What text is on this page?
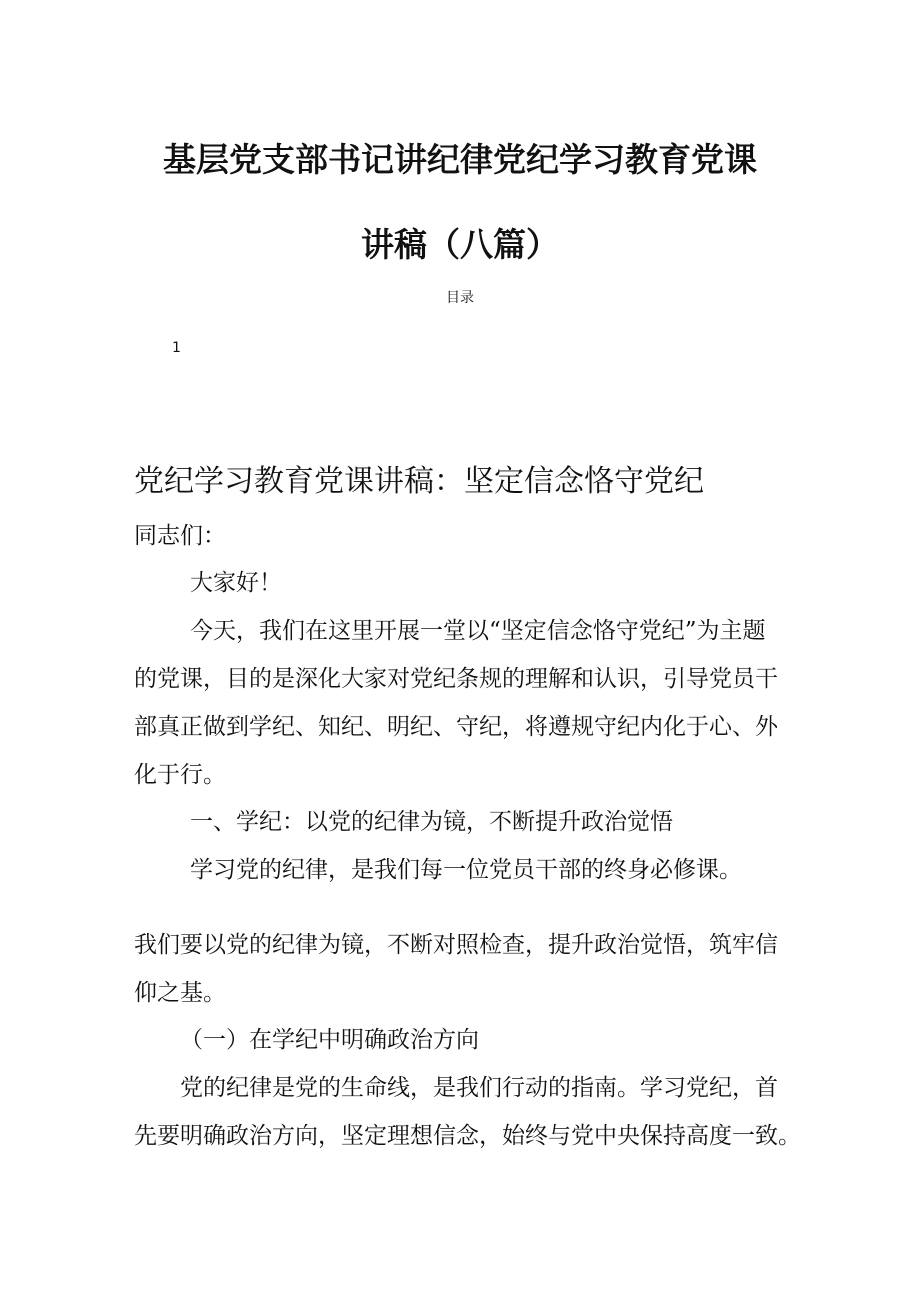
基层党支部书记讲纪律党纪学习教育党课
讲稿（八篇）
目录
1
党纪学习教育党课讲稿：坚定信念恪守党纪

同志们：

大家好！

今天，我们在这里开展一堂以“坚定信念恪守党纪”为主题

的党课，目的是深化大家对党纪条规的理解和认识，引导党员干

部真正做到学纪、知纪、明纪、守纪，将遵规守纪内化于心、外

化于行。

一、学纪：以党的纪律为镜，不断提升政治觉悟

学习党的纪律，是我们每一位党员干部的终身必修课。

我们要以党的纪律为镜，不断对照检查，提升政治觉悟，筑牢信

仰之基。

（一）在学纪中明确政治方向

党的纪律是党的生命线，是我们行动的指南。学习党纪，首

先要明确政治方向，坚定理想信念，始终与党中央保持高度一致。
